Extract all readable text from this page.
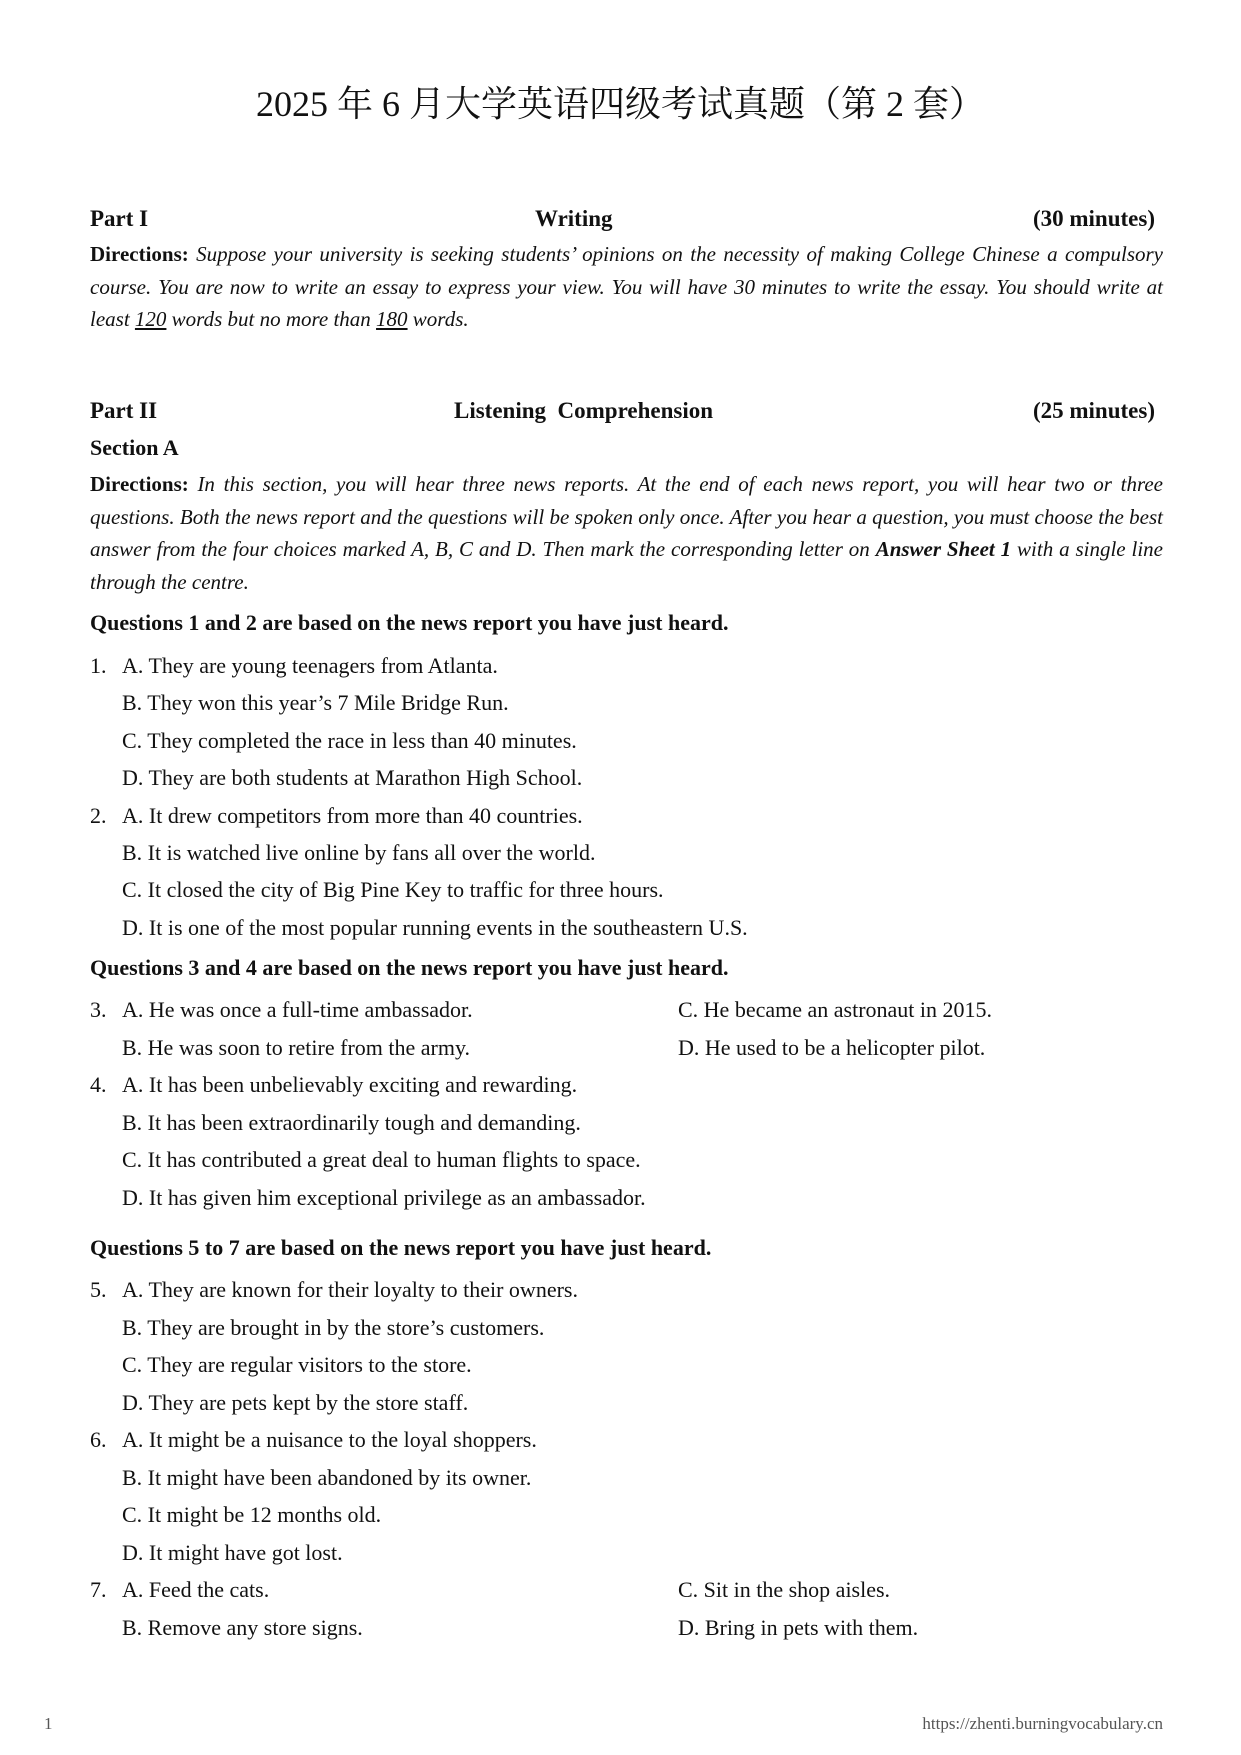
2025 年 6 月大学英语四级考试真题（第 2 套）
Part I	Writing	(30 minutes)
Directions: Suppose your university is seeking students’ opinions on the necessity of making College Chinese a compulsory course. You are now to write an essay to express your view. You will have 30 minutes to write the essay. You should write at least 120 words but no more than 180 words.
Part II	Listening  Comprehension	(25 minutes)
Section A
Directions: In this section, you will hear three news reports. At the end of each news report, you will hear two or three questions. Both the news report and the questions will be spoken only once. After you hear a question, you must choose the best answer from the four choices marked A, B, C and D. Then mark the corresponding letter on Answer Sheet 1 with a single line through the centre.
Questions 1 and 2 are based on the news report you have just heard.
Questions 3 and 4 are based on the news report you have just heard.
Questions 5 to 7 are based on the news report you have just heard.
1. A. They are young teenagers from Atlanta.
B. They won this year’s 7 Mile Bridge Run.
C. They completed the race in less than 40 minutes.
D. They are both students at Marathon High School.
2. A. It drew competitors from more than 40 countries.
B. It is watched live online by fans all over the world.
C. It closed the city of Big Pine Key to traffic for three hours.
D. It is one of the most popular running events in the southeastern U.S.
3. A. He was once a full-time ambassador.
B. He was soon to retire from the army.
C. He became an astronaut in 2015.
D. He used to be a helicopter pilot.
4. A. It has been unbelievably exciting and rewarding.
B. It has been extraordinarily tough and demanding.
C. It has contributed a great deal to human flights to space.
D. It has given him exceptional privilege as an ambassador.
5. A. They are known for their loyalty to their owners.
B. They are brought in by the store’s customers.
C. They are regular visitors to the store.
D. They are pets kept by the store staff.
6. A. It might be a nuisance to the loyal shoppers.
B. It might have been abandoned by its owner.
C. It might be 12 months old.
D. It might have got lost.
7. A. Feed the cats.
B. Remove any store signs.
C. Sit in the shop aisles.
D. Bring in pets with them.
1	https://zhenti.burningvocabulary.cn
